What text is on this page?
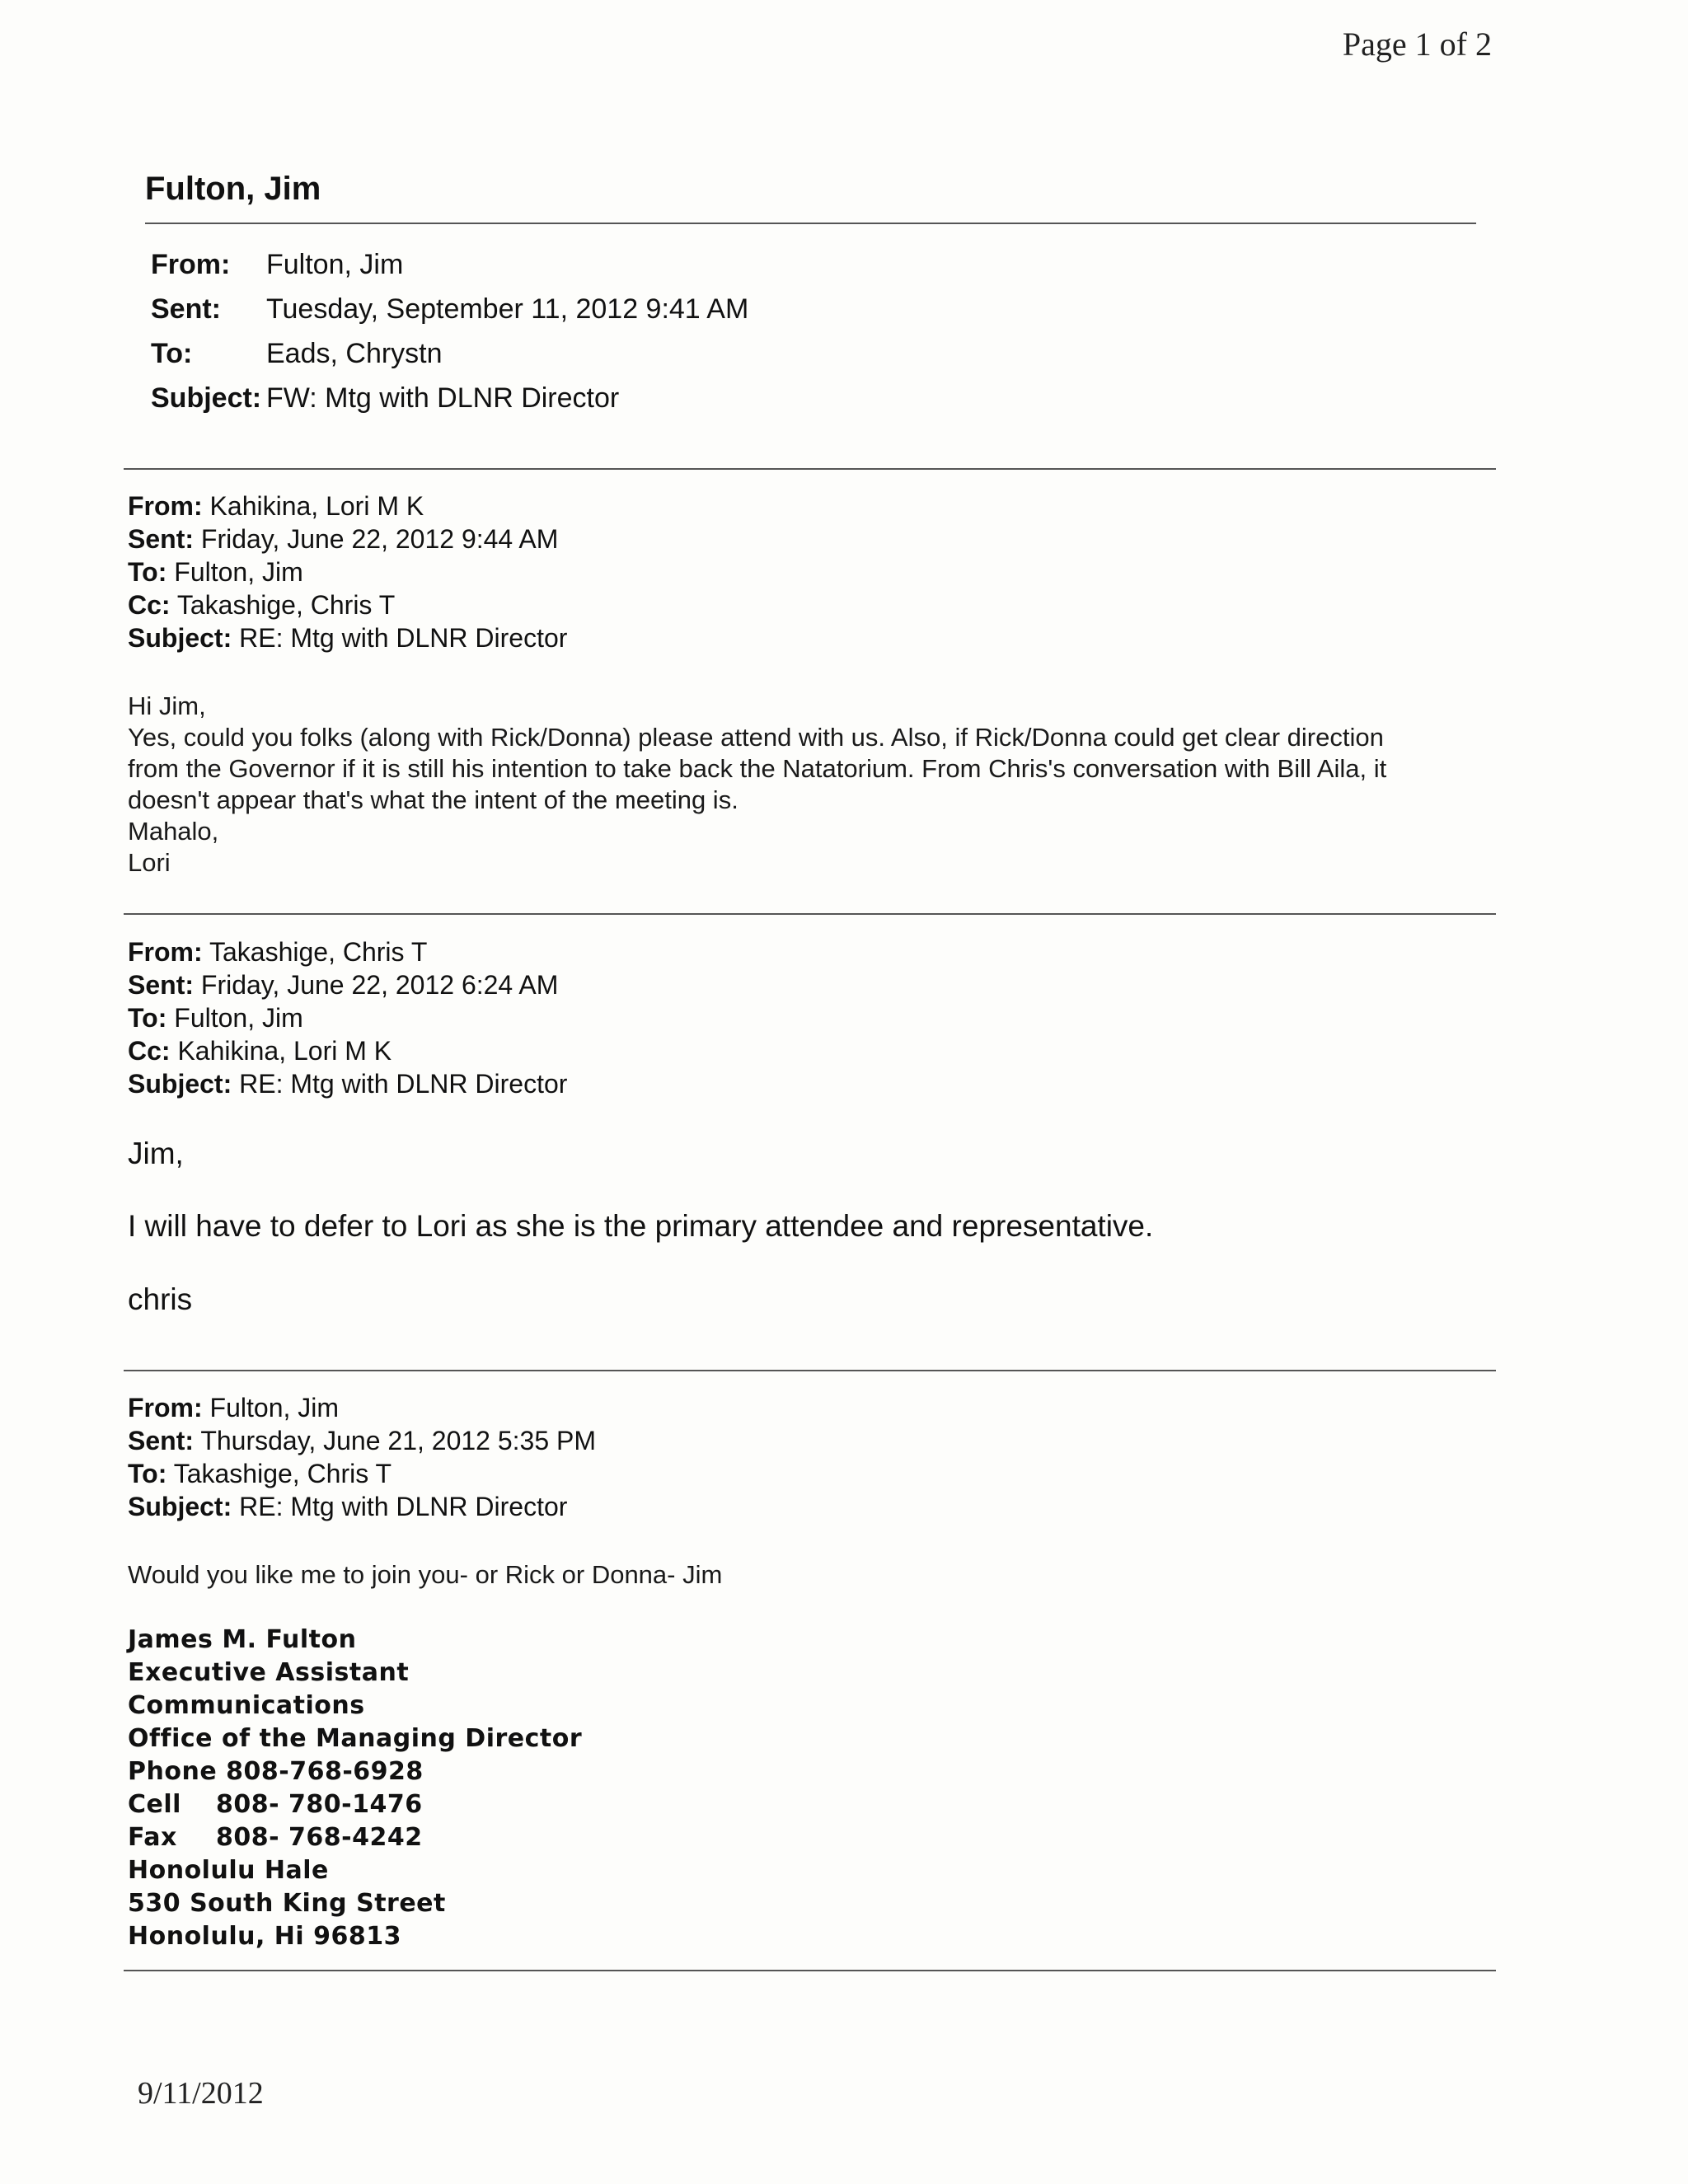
Page 1 of 2
Fulton, Jim
From:	Fulton, Jim
Sent:	Tuesday, September 11, 2012 9:41 AM
To:	Eads, Chrystn
Subject: FW: Mtg with DLNR Director
From: Kahikina, Lori M K
Sent: Friday, June 22, 2012 9:44 AM
To: Fulton, Jim
Cc: Takashige, Chris T
Subject: RE: Mtg with DLNR Director
Hi Jim,
Yes, could you folks (along with Rick/Donna) please attend with us. Also, if Rick/Donna could get clear direction
from the Governor if it is still his intention to take back the Natatorium. From Chris's conversation with Bill Aila, it
doesn't appear that's what the intent of the meeting is.
Mahalo,
Lori
From: Takashige, Chris T
Sent: Friday, June 22, 2012 6:24 AM
To: Fulton, Jim
Cc: Kahikina, Lori M K
Subject: RE: Mtg with DLNR Director
Jim,
I will have to defer to Lori as she is the primary attendee and representative.
chris
From: Fulton, Jim
Sent: Thursday, June 21, 2012 5:35 PM
To: Takashige, Chris T
Subject: RE: Mtg with DLNR Director
Would you like me to join you- or Rick or Donna- Jim
James M. Fulton
Executive Assistant
Communications
Office of the Managing Director
Phone 808-768-6928
Cell	808- 780-1476
Fax	808- 768-4242
Honolulu Hale
530 South King Street
Honolulu, Hi 96813
9/11/2012
